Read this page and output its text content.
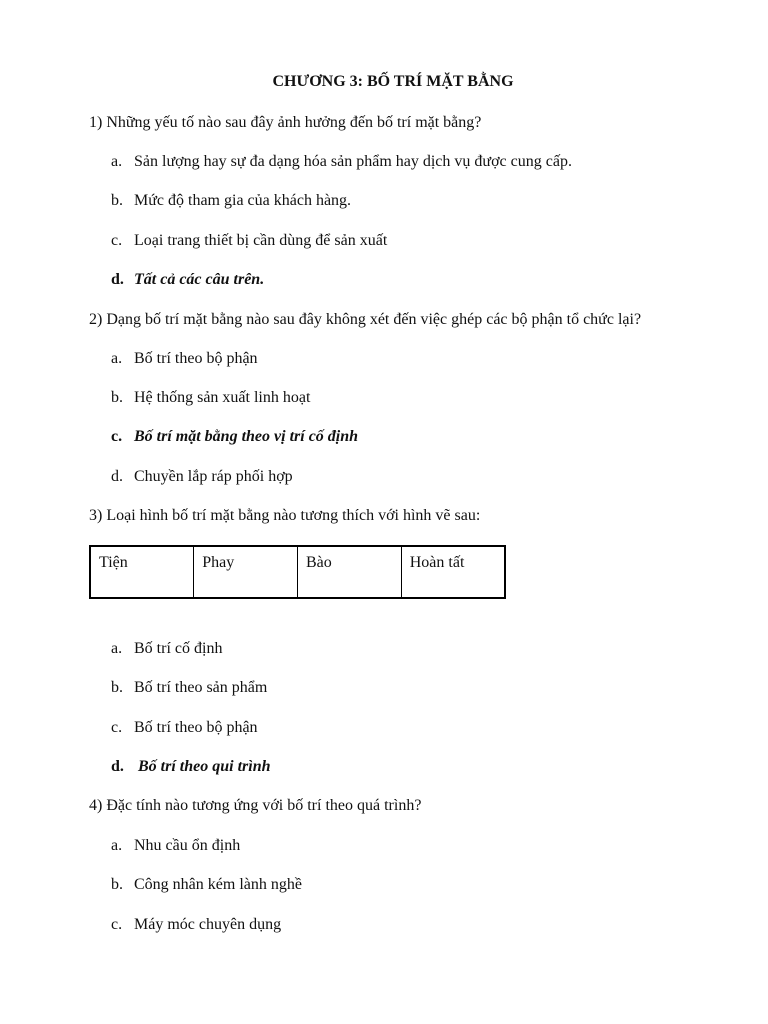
CHƯƠNG 3: BỐ TRÍ MẶT BẰNG
1) Những yếu tố nào sau đây ảnh hưởng đến bố trí mặt bằng?
a. Sản lượng hay sự đa dạng hóa sản phẩm hay dịch vụ được cung cấp.
b. Mức độ tham gia của khách hàng.
c. Loại trang thiết bị cần dùng để sản xuất
d. Tất cả các câu trên.
2) Dạng bố trí mặt bằng nào sau đây không xét đến việc ghép các bộ phận tổ chức lại?
a. Bố trí theo bộ phận
b. Hệ thống sản xuất linh hoạt
c. Bố trí mặt bằng theo vị trí cố định
d. Chuyền lắp ráp phối hợp
3) Loại hình bố trí mặt bằng nào tương thích với hình vẽ sau:
Tiện	Phay	Bào	Hoàn tất
a. Bố trí cố định
b. Bố trí theo sản phẩm
c. Bố trí theo bộ phận
d. Bố trí theo qui trình
4) Đặc tính nào tương ứng với bố trí theo quá trình?
a. Nhu cầu ổn định
b. Công nhân kém lành nghề
c. Máy móc chuyên dụng
